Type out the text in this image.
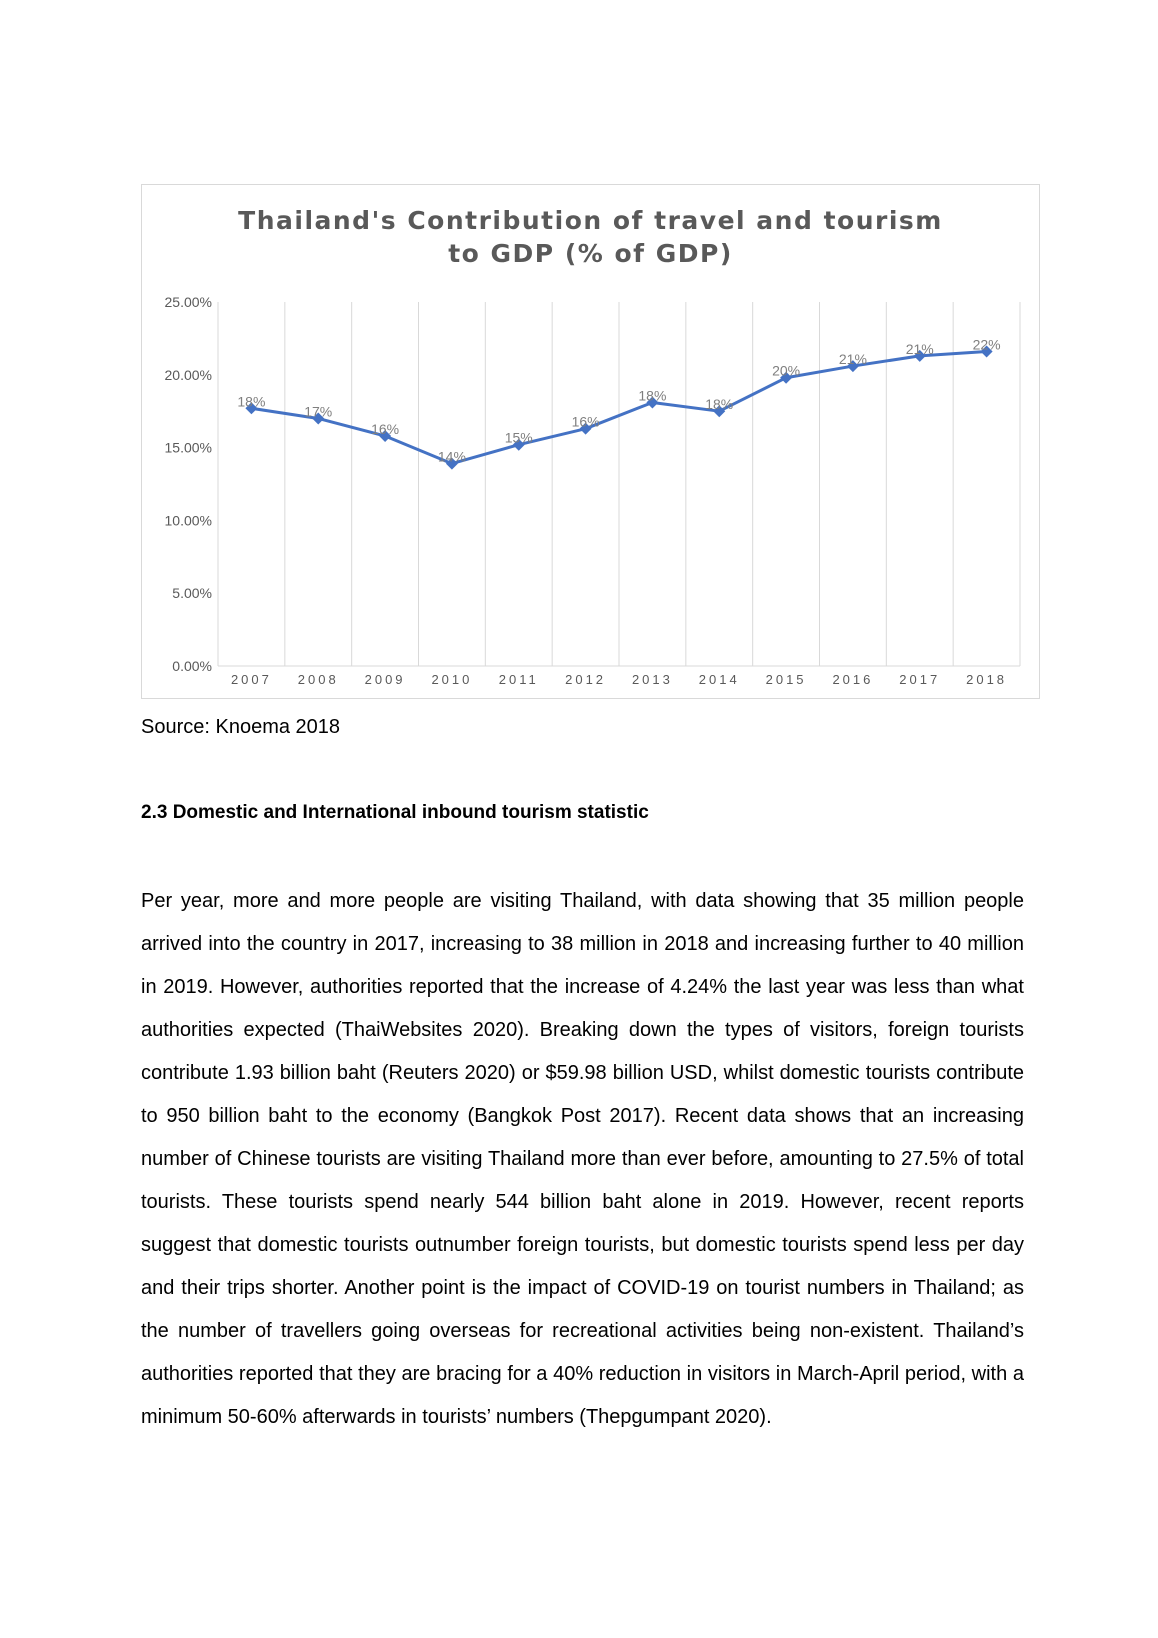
Thailand's Contribution of travel and tourism
to GDP (% of GDP)
0.00%
5.00%
10.00%
15.00%
20.00%
25.00%
2007 2008 2009 2010 2011 2012 2013 2014 2015 2016 2017 2018
18%
17%
16%
14%
15%
16%
18%
18%
20%
21%
21%	22%
Source: Knoema 2018
2.3 Domestic and International inbound tourism statistic

Per year, more and more people are visiting Thailand, with data showing that 35 million people arrived into the country in 2017, increasing to 38 million in 2018 and increasing further to 40 million in 2019. However, authorities reported that the increase of 4.24% the last year was less than what authorities expected (ThaiWebsites 2020). Breaking down the types of visitors, foreign tourists contribute 1.93 billion baht (Reuters 2020) or $59.98 billion USD, whilst domestic tourists contribute to 950 billion baht to the economy (Bangkok Post 2017). Recent data shows that an increasing number of Chinese tourists are visiting Thailand more than ever before, amounting to 27.5% of total tourists. These tourists spend nearly 544 billion baht alone in 2019. However, recent reports suggest that domestic tourists outnumber foreign tourists, but domestic tourists spend less per day and their trips shorter. Another point is the impact of COVID-19 on tourist numbers in Thailand; as the number of travellers going overseas for recreational activities being non-existent. Thailand’s authorities reported that they are bracing for a 40% reduction in visitors in March-April period, with a minimum 50-60% afterwards in tourists’ numbers (Thepgumpant 2020).
